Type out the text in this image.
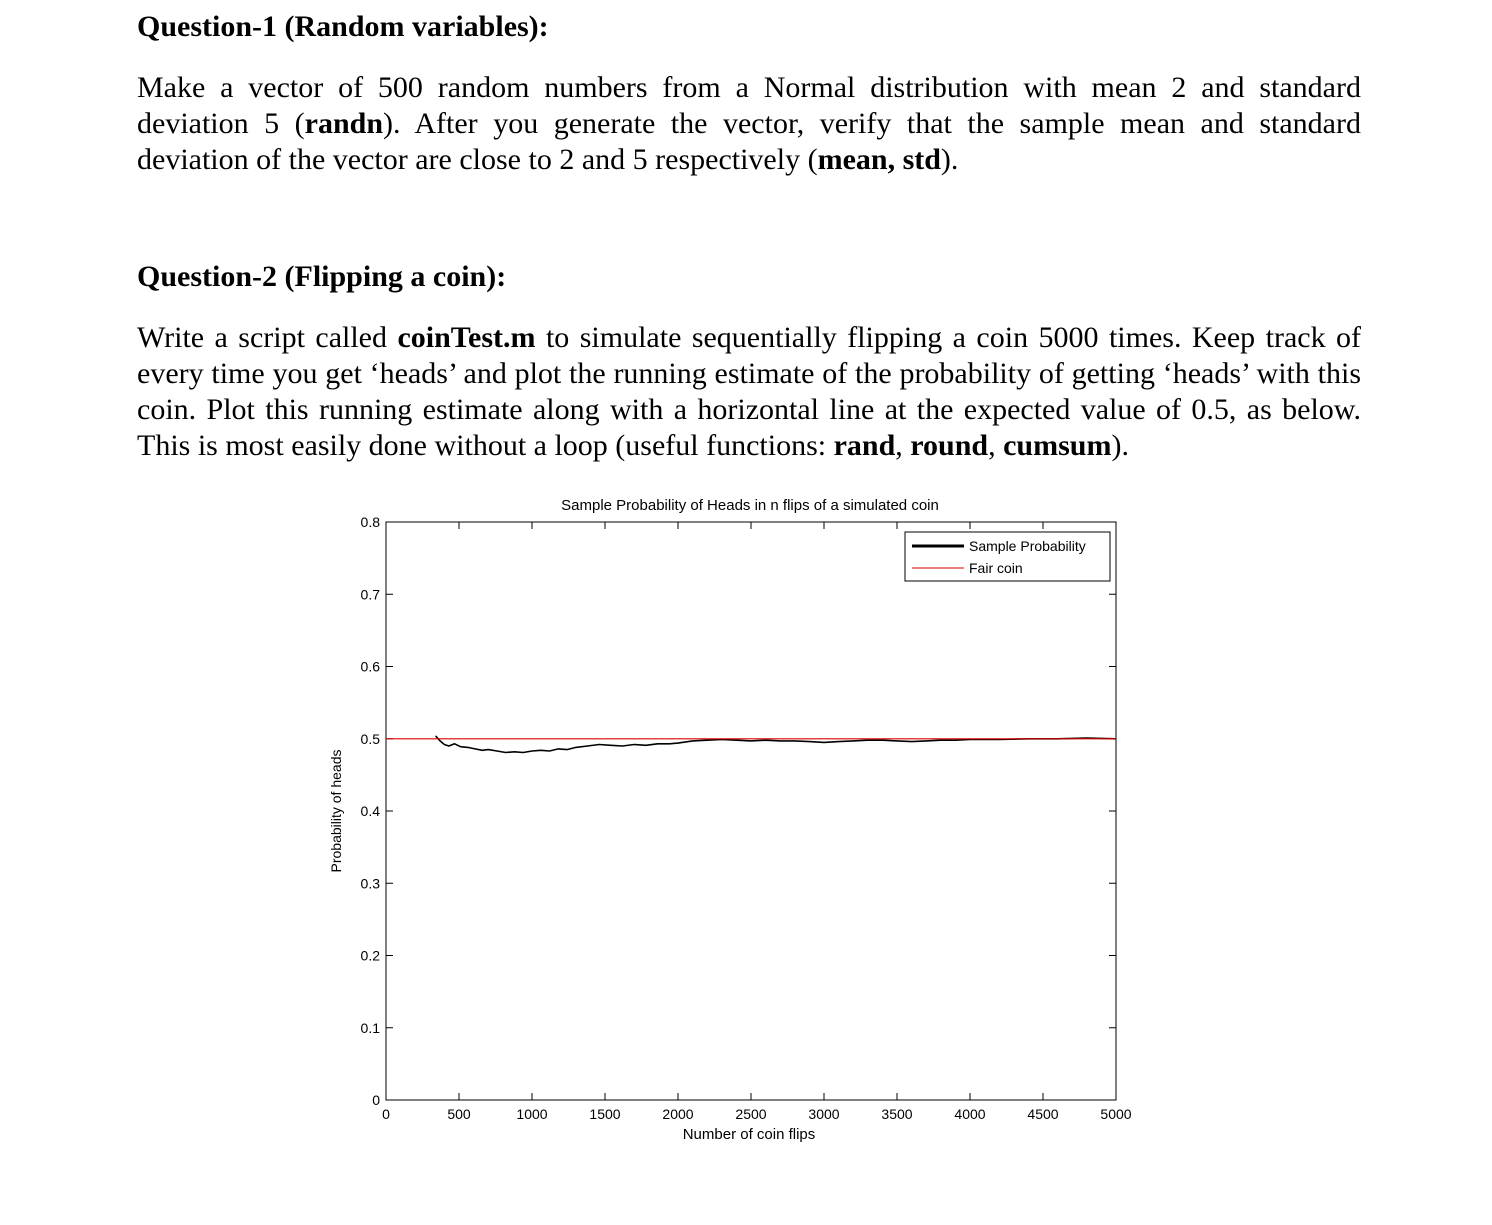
Question-1 (Random variables):

Make a vector of 500 random numbers from a Normal distribution with mean 2 and standard deviation 5 (randn). After you generate the vector, verify that the sample mean and standard deviation of the vector are close to 2 and 5 respectively (mean, std).

Question-2 (Flipping a coin):

Write a script called coinTest.m to simulate sequentially flipping a coin 5000 times. Keep track of every time you get ‘heads’ and plot the running estimate of the probability of getting ‘heads’ with this coin. Plot this running estimate along with a horizontal line at the expected value of 0.5, as below. This is most easily done without a loop (useful functions: rand, round, cumsum).

Sample Probability of Heads in n flips of a simulated coin
0	500	1000	1500	2000	2500	3000	3500	4000	4500	5000
0
0.1
0.2
0.3
0.4
0.5
0.6
0.7
0.8
Number of coin flips
Probability of heads
Sample Probability
Fair coin
